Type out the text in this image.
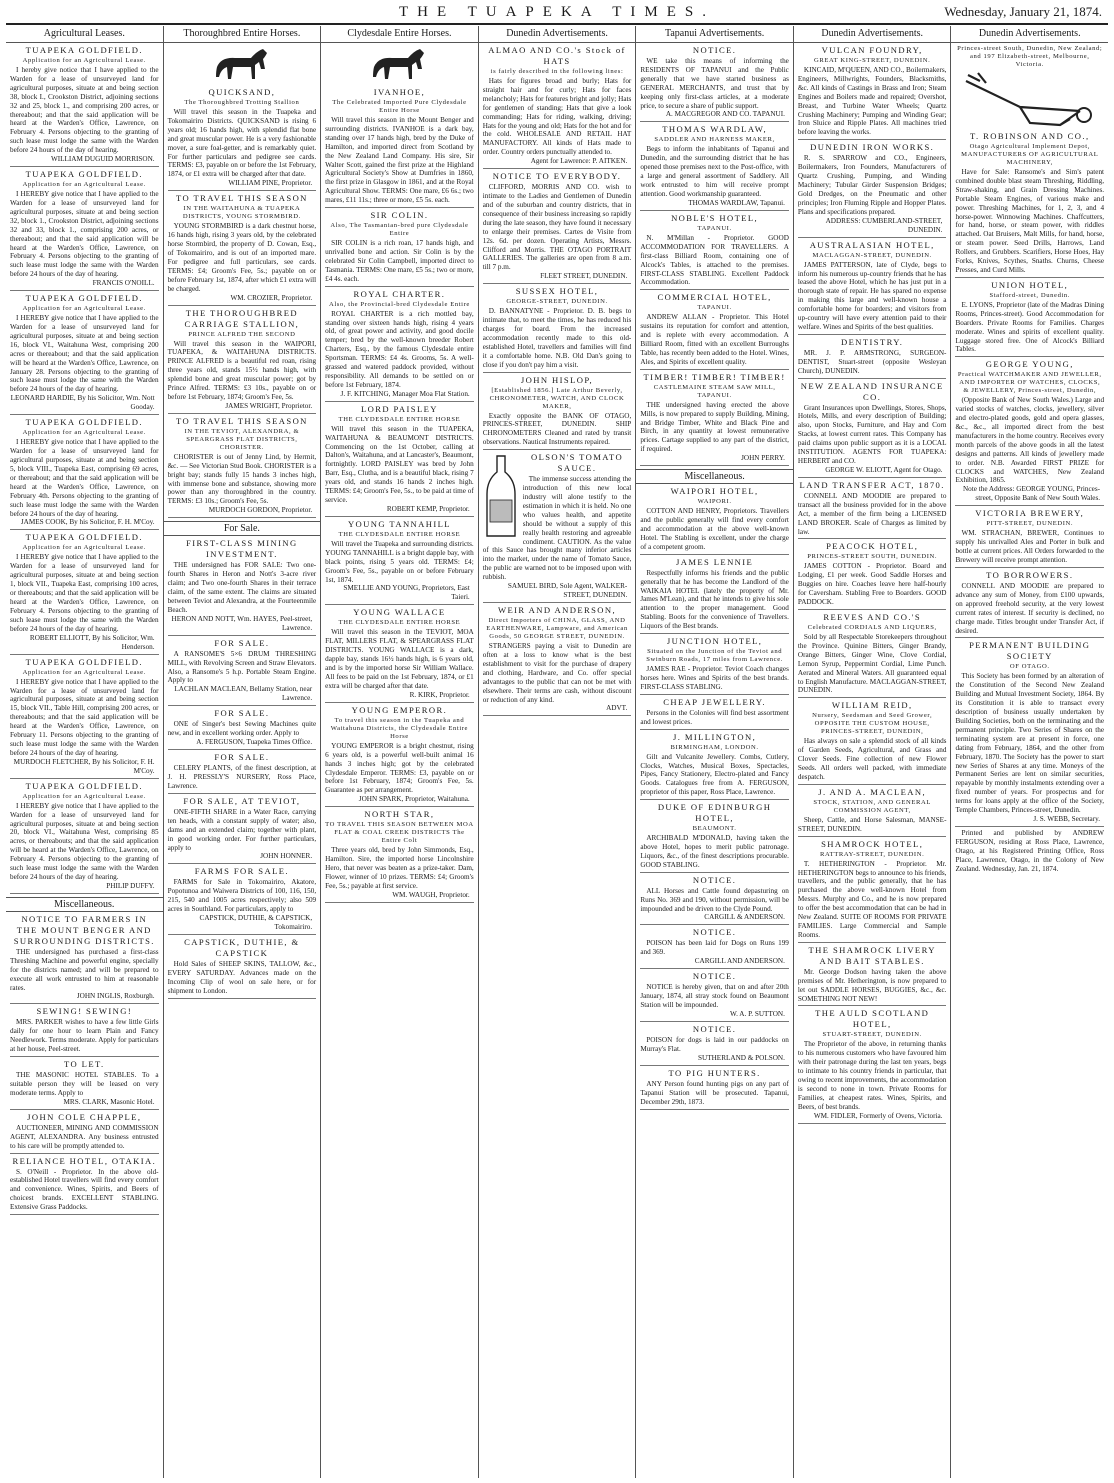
THE TUAPEKA TIMES.	Wednesday, January 21, 1874.
Agricultural Leases.
TUAPEKA GOLDFIELD.
Application for an Agricultural Lease.
I hereby give notice that I have applied to the Warden for a lease of unsurveyed land for agricultural purposes, situate at and being section 38, block I., Crookston District, adjoining sections 32 and 25, block 1., and comprising 200 acres, or thereabout; and that the said application will be heard at the Warden's Office, Lawrence, on February 4. Persons objecting to the granting of such lease must lodge the same with the Warden before 24 hours of the day of hearing.
WILLIAM DUGUID MORRISON.
TUAPEKA GOLDFIELD.
Application for an Agricultural Lease.
I HEREBY give notice that I have applied to the Warden for a lease of unsurveyed land for agricultural purposes, situate at and being section 32, block 1., Crookston District, adjoining sections 32 and 33, block 1., comprising 200 acres, or thereabout; and that the said application will be heard at the Warden's Office, Lawrence, on February 4. Persons objecting to the granting of such lease must lodge the same with the Warden before 24 hours of the day of hearing.
FRANCIS O'NOILL.
TUAPEKA GOLDFIELD.
Application for an Agricultural Lease.
I HEREBY give notice that I have applied to the Warden for a lease of unsurveyed land for agricultural purposes, situate at and being section 16, block VI., Waitahuna West, comprising 200 acres or thereabout; and that the said application will be heard at the Warden's Office, Lawrence, on January 28. Persons objecting to the granting of such lease must lodge the same with the Warden before 24 hours of the day of hearing.
LEONARD HARDIE, By his Solicitor, Wm. Nott Gooday.
TUAPEKA GOLDFIELD.
Application for an Agricultural Lease.
I HEREBY give notice that I have applied to the Warden for a lease of unsurveyed land for agricultural purposes, situate at and being section 5, block VIII., Tuapeka East, comprising 69 acres, or thereabout; and that the said application will be heard at the Warden's Office, Lawrence, on February 4th. Persons objecting to the granting of such lease must lodge the same with the Warden before 24 hours of the day of hearing.
JAMES COOK, By his Solicitor, F. H. M'Coy.
TUAPEKA GOLDFIELD.
Application for an Agricultural Lease.
I HEREBY give notice that I have applied to the Warden for a lease of unsurveyed land for agricultural purposes, situate at and being section 1, block VII., Tuapeka East, comprising 100 acres, or thereabouts; and that the said application will be heard at the Warden's Office, Lawrence, on February 4. Persons objecting to the granting of such lease must lodge the same with the Warden before 24 hours of the day of hearing.
ROBERT ELLIOTT, By his Solicitor, Wm. Henderson.
TUAPEKA GOLDFIELD.
Application for an Agricultural Lease.
I HEREBY give notice that I have applied to the Warden for a lease of unsurveyed land for agricultural purposes, situate at and being section 15, block VII., Table Hill, comprising 200 acres, or thereabouts; and that the said application will be heard at the Warden's Office, Lawrence, on February 11. Persons objecting to the granting of such lease must lodge the same with the Warden before 24 hours of the day of hearing.
MURDOCH FLETCHER, By his Solicitor, F. H. M'Coy.
TUAPEKA GOLDFIELD.
Application for an Agricultural Lease.
I HEREBY give notice that I have applied to the Warden for a lease of unsurveyed land for agricultural purposes, situate at and being section 20, block VI., Waitahuna West, comprising 85 acres, or thereabouts; and that the said application will be heard at the Warden's Office, Lawrence, on February 4. Persons objecting to the granting of such lease must lodge the same with the Warden before 24 hours of the day of hearing.
PHILIP DUFFY.
Miscellaneous.
NOTICE TO FARMERS IN THE MOUNT BENGER AND SURROUNDING DISTRICTS.
THE undersigned has purchased a first-class Threshing Machine and powerful engine, specially for the districts named; and will be prepared to execute all work entrusted to him at reasonable rates.
JOHN INGLIS, Roxburgh.
SEWING! SEWING!
MRS. PARKER wishes to have a few little Girls daily for one hour to learn Plain and Fancy Needlework. Terms moderate. Apply for particulars at her house, Peel-street.
TO LET.
THE MASONIC HOTEL STABLES. To a suitable person they will be leased on very moderate terms. Apply to
MRS. CLARK, Masonic Hotel.
JOHN COLE CHAPPLE,
AUCTIONEER, MINING AND COMMISSION AGENT, ALEXANDRA. Any business entrusted to his care will be promptly attended to.
RELIANCE HOTEL, OTAKIA.
S. O'Neill - Proprietor. In the above old-established Hotel travellers will find every comfort and convenience. Wines, Spirits, and Beers of choicest brands. EXCELLENT STABLING. Extensive Grass Paddocks.
Thoroughbred Entire Horses.
QUICKSAND,
The Thoroughbred Trotting Stallion
Will travel this season in the Tuapeka and Tokomairiro Districts. QUICKSAND is rising 6 years old; 16 hands high, with splendid flat bone and great muscular power. He is a very fashionable mover, a sure foal-getter, and is remarkably quiet. For further particulars and pedigree see cards. TERMS: £3, payable on or before the 1st February, 1874, or £1 extra will be charged after that date.
WILLIAM PINE, Proprietor.
TO TRAVEL THIS SEASON
IN THE WAITAHUNA & TUAPEKA DISTRICTS, YOUNG STORMBIRD.
YOUNG STORMBIRD is a dark chestnut horse, 16 hands high, rising 3 years old, by the celebrated horse Stormbird, the property of D. Cowan, Esq., of Tokomairiro, and is out of an imported mare. For pedigree and full particulars, see cards. TERMS: £4; Groom's Fee, 5s.; payable on or before February 1st, 1874, after which £1 extra will be charged.
WM. CROZIER, Proprietor.
THE THOROUGHBRED CARRIAGE STALLION,
PRINCE ALFRED THE SECOND
Will travel this season in the WAIPORI, TUAPEKA, & WAITAHUNA DISTRICTS. PRINCE ALFRED is a beautiful red roan, rising three years old, stands 15½ hands high, with splendid bone and great muscular power; got by Prince Alfred. TERMS: £3 10s., payable on or before 1st February, 1874; Groom's Fee, 5s.
JAMES WRIGHT, Proprietor.
TO TRAVEL THIS SEASON
IN THE TEVIOT, ALEXANDRA, & SPEARGRASS FLAT DISTRICTS, CHORISTER.
CHORISTER is out of Jenny Lind, by Hermit, &c. — See Victorian Stud Book. CHORISTER is a bright bay; stands fully 15 hands 3 inches high, with immense bone and substance, showing more power than any thoroughbred in the country. TERMS: £3 10s.; Groom's Fee, 5s.
MURDOCH GORDON, Proprietor.
For Sale.
FIRST-CLASS MINING INVESTMENT.
THE undersigned has FOR SALE: Two one-fourth Shares in Heron and Nott's 3-acre river claim; and Two one-fourth Shares in their terrace claim, of the same extent. The claims are situated between Teviot and Alexandra, at the Fourteenmile Beach.
HERON AND NOTT, Wm. HAYES, Peel-street, Lawrence.
FOR SALE.
A RANSOME'S 5×6 DRUM THRESHING MILL, with Revolving Screen and Straw Elevators. Also, a Ransome's 5 h.p. Portable Steam Engine. Apply to
LACHLAN MACLEAN, Bellamy Station, near Lawrence.
FOR SALE.
ONE of Singer's best Sewing Machines quite new, and in excellent working order. Apply to
A. FERGUSON, Tuapeka Times Office.
FOR SALE.
CELERY PLANTS, of the finest description, at J. H. PRESSLY'S NURSERY, Ross Place, Lawrence.
FOR SALE, AT TEVIOT,
ONE-FIFTH SHARE in a Water Race, carrying ten heads, with a constant supply of water; also, dams and an extended claim; together with plant, in good working order. For further particulars, apply to
JOHN HONNER.
FARMS FOR SALE.
FARMS for Sale in Tokomairiro, Akatore, Popotunoa and Waiwera Districts of 100, 116, 150, 215, 540 and 1005 acres respectively; also 509 acres in Southland. For particulars, apply to
CAPSTICK, DUTHIE, & CAPSTICK, Tokomairiro.
CAPSTICK, DUTHIE, & CAPSTICK
Hold Sales of SHEEP SKINS, TALLOW, &c., EVERY SATURDAY. Advances made on the Incoming Clip of wool on sale here, or for shipment to London.
Clydesdale Entire Horses.
IVANHOE,
The Celebrated Imported Pure Clydesdale Entire Horse
Will travel this season in the Mount Benger and surrounding districts. IVANHOE is a dark bay, standing over 17 hands high, bred by the Duke of Hamilton, and imported direct from Scotland by the New Zealand Land Company. His sire, Sir Walter Scott, gained the first prize at the Highland Agricultural Society's Show at Dumfries in 1860, the first prize in Glasgow in 1861, and at the Royal Agricultural Show. TERMS: One mare, £6 6s.; two mares, £11 11s.; three or more, £5 5s. each.
SIR COLIN.
Also, The Tasmanian-bred pure Clydesdale Entire
SIR COLIN is a rich roan, 17 hands high, and unrivalled bone and action. Sir Colin is by the celebrated Sir Colin Campbell, imported direct to Tasmania. TERMS: One mare, £5 5s.; two or more, £4 4s. each.
ROYAL CHARTER.
Also, the Provincial-bred Clydesdale Entire
ROYAL CHARTER is a rich mottled bay, standing over sixteen hands high, rising 4 years old, of great power and activity, and good docile temper; bred by the well-known breeder Robert Charters, Esq., by the famous Clydesdale entire Sportsman. TERMS: £4 4s. Grooms, 5s. A well-grassed and watered paddock provided, without responsibility. All demands to be settled on or before 1st February, 1874.
J. F. KITCHING, Manager Moa Flat Station.
LORD PAISLEY
THE CLYDESDALE ENTIRE HORSE
Will travel this season in the TUAPEKA, WAITAHUNA & BEAUMONT DISTRICTS. Commencing on the 1st October, calling at Dalton's, Waitahuna, and at Lancaster's, Beaumont, fortnightly. LORD PAISLEY was bred by John Barr, Esq., Clutha, and is a beautiful black, rising 7 years old, and stands 16 hands 2 inches high. TERMS: £4; Groom's Fee, 5s., to be paid at time of service.
ROBERT KEMP, Proprietor.
YOUNG TANNAHILL
THE CLYDESDALE ENTIRE HORSE
Will travel the Tuapeka and surrounding districts. YOUNG TANNAHILL is a bright dapple bay, with black points, rising 5 years old. TERMS: £4; Groom's Fee, 5s., payable on or before February 1st, 1874.
SMELLIE AND YOUNG, Proprietors, East Taieri.
YOUNG WALLACE
THE CLYDESDALE ENTIRE HORSE
Will travel this season in the TEVIOT, MOA FLAT, MILLERS FLAT, & SPEARGRASS FLAT DISTRICTS. YOUNG WALLACE is a dark, dapple bay, stands 16½ hands high, is 6 years old, and is by the imported horse Sir William Wallace. All fees to be paid on the 1st February, 1874, or £1 extra will be charged after that date.
R. KIRK, Proprietor.
YOUNG EMPEROR.
To travel this season in the Tuapeka and Waitahuna Districts, the Clydesdale Entire Horse
YOUNG EMPEROR is a bright chestnut, rising 6 years old, is a powerful well-built animal 16 hands 3 inches high; got by the celebrated Clydesdale Emperor. TERMS: £3, payable on or before 1st February, 1874; Groom's Fee, 5s. Guarantee as per arrangement.
JOHN SPARK, Proprietor, Waitahuna.
NORTH STAR,
TO TRAVEL THIS SEASON BETWEEN MOA FLAT & COAL CREEK DISTRICTS The Entire Colt
Three years old, bred by John Simmonds, Esq., Hamilton. Sire, the imported horse Lincolnshire Hero, that never was beaten as a prize-taker. Dam, Flower, winner of 10 prizes. TERMS: £4; Groom's Fee, 5s.; payable at first service.
WM. WAUGH, Proprietor.
Dunedin Advertisements.
ALMAO AND CO.'s Stock of HATS
is fairly described in the following lines:
Hats for figures broad and burly; Hats for straight hair and for curly; Hats for faces melancholy; Hats for features bright and jolly; Hats for gentlemen of standing; Hats that give a look commanding; Hats for riding, walking, driving; Hats for the young and old; Hats for the hot and for the cold. WHOLESALE AND RETAIL HAT MANUFACTORY. All kinds of Hats made to order. Country orders punctually attended to.
Agent for Lawrence: P. AITKEN.
NOTICE TO EVERYBODY.
CLIFFORD, MORRIS AND CO. wish to intimate to the Ladies and Gentlemen of Dunedin and of the suburban and country districts, that in consequence of their business increasing so rapidly during the late season, they have found it necessary to enlarge their premises. Cartes de Visite from 12s. 6d. per dozen. Operating Artists, Messrs. Clifford and Morris. THE OTAGO PORTRAIT GALLERIES. The galleries are open from 8 a.m. till 7 p.m.
FLEET STREET, DUNEDIN.
SUSSEX HOTEL,
GEORGE-STREET, DUNEDIN.
D. BANNATYNE - Proprietor. D. B. begs to intimate that, to meet the times, he has reduced his charges for board. From the increased accommodation recently made to this old-established Hotel, travellers and families will find it a comfortable home. N.B. Old Dan's going to close if you don't pay him a visit.
JOHN HISLOP,
[Established 1856.] Late Arthur Beverly, CHRONOMETER, WATCH, AND CLOCK MAKER,
Exactly opposite the BANK OF OTAGO, PRINCES-STREET, DUNEDIN. SHIP CHRONOMETERS Cleaned and rated by transit observations. Nautical Instruments repaired.
OLSON'S TOMATO SAUCE.
The immense success attending the introduction of this new local industry will alone testify to the estimation in which it is held. No one who values health, and appetite should be without a supply of this really health restoring and agreeable condiment. CAUTION. As the value of this Sauce has brought many inferior articles into the market, under the name of Tomato Sauce, the public are warned not to be imposed upon with rubbish.
SAMUEL BIRD, Sole Agent, WALKER-STREET, DUNEDIN.
WEIR AND ANDERSON,
Direct Importers of CHINA, GLASS, AND EARTHENWARE, Lampware, and American Goods, 50 GEORGE STREET, DUNEDIN.
STRANGERS paying a visit to Dunedin are often at a loss to know what is the best establishment to visit for the purchase of drapery and clothing, Hardware, and Co. offer special advantages to the public that can not be met with elsewhere. Their terms are cash, without discount or reduction of any kind.
ADVT.
Tapanui Advertisements.
NOTICE.
WE take this means of informing the RESIDENTS OF TAPANUI and the Public generally that we have started business as GENERAL MERCHANTS, and trust that by keeping only first-class articles, at a moderate price, to secure a share of public support.
A. MACGREGOR AND CO. TAPANUI.
THOMAS WARDLAW,
SADDLER AND HARNESS MAKER,
Begs to inform the inhabitants of Tapanui and Dunedin, and the surrounding district that he has opened those premises next to the Post-office, with a large and general assortment of Saddlery. All work entrusted to him will receive prompt attention. Good workmanship guaranteed.
THOMAS WARDLAW, Tapanui.
NOBLE'S HOTEL,
TAPANUI.
N. M'Millan - Proprietor. GOOD ACCOMMODATION FOR TRAVELLERS. A first-class Billiard Room, containing one of Alcock's Tables, is attached to the premises. FIRST-CLASS STABLING. Excellent Paddock Accommodation.
COMMERCIAL HOTEL,
TAPANUI.
ANDREW ALLAN - Proprietor. This Hotel sustains its reputation for comfort and attention, and is replete with every accommodation. A Billiard Room, fitted with an excellent Burroughs Table, has recently been added to the Hotel. Wines, Ales, and Spirits of excellent quality.
TIMBER! TIMBER! TIMBER!
CASTLEMAINE STEAM SAW MILL, TAPANUI.
THE undersigned having erected the above Mills, is now prepared to supply Building, Mining, and Bridge Timber, White and Black Pine and Birch, in any quantity at lowest remunerative prices. Cartage supplied to any part of the district, if required.
JOHN PERRY.
Miscellaneous.
WAIPORI HOTEL,
WAIPORI.
COTTON AND HENRY, Proprietors. Travellers and the public generally will find every comfort and accommodation at the above well-known Hotel. The Stabling is excellent, under the charge of a competent groom.
JAMES LENNIE
Respectfully informs his friends and the public generally that he has become the Landlord of the WAIKAIA HOTEL (lately the property of Mr. James M'Lean), and that he intends to give his sole attention to the proper management. Good Stabling. Boots for the convenience of Travellers. Liquors of the Best brands.
JUNCTION HOTEL,
Situated on the Junction of the Teviot and Swinburn Roads, 17 miles from Lawrence.
JAMES RAE - Proprietor. Teviot Coach changes horses here. Wines and Spirits of the best brands. FIRST-CLASS STABLING.
CHEAP JEWELLERY.
Persons in the Colonies will find best assortment and lowest prices.
J. MILLINGTON,
BIRMINGHAM, LONDON.
Gilt and Vulcanite Jewellery. Combs, Cutlery, Clocks, Watches, Musical Boxes, Spectacles, Pipes, Fancy Stationery, Electro-plated and Fancy Goods. Catalogues free from A. FERGUSON, proprietor of this paper, Ross Place, Lawrence.
DUKE OF EDINBURGH HOTEL,
BEAUMONT.
ARCHIBALD M'DONALD, having taken the above Hotel, hopes to merit public patronage. Liquors, &c., of the finest descriptions procurable. GOOD STABLING.
NOTICE.
ALL Horses and Cattle found depasturing on Runs No. 369 and 190, without permission, will be impounded and be driven to the Clyde Pound.
CARGILL & ANDERSON.
NOTICE.
POISON has been laid for Dogs on Runs 199 and 369.
CARGILL AND ANDERSON.
NOTICE.
NOTICE is hereby given, that on and after 20th January, 1874, all stray stock found on Beaumont Station will be impounded.
W. A. P. SUTTON.
NOTICE.
POISON for dogs is laid in our paddocks on Murray's Flat.
SUTHERLAND & POLSON.
TO PIG HUNTERS.
ANY Person found hunting pigs on any part of Tapanui Station will be prosecuted. Tapanui, December 29th, 1873.
Dunedin Advertisements.
VULCAN FOUNDRY,
GREAT KING-STREET, DUNEDIN.
KINCAID, M'QUEEN, AND CO., Boilermakers, Engineers, Millwrights, Founders, Blacksmiths, &c. All kinds of Castings in Brass and Iron; Steam Engines and Boilers made and repaired; Overshot, Breast, and Turbine Water Wheels; Quartz Crushing Machinery; Pumping and Winding Gear; Iron Sluice and Ripple Plates. All machines tried before leaving the works.
DUNEDIN IRON WORKS.
R. S. SPARROW and CO., Engineers, Boilermakers, Iron Founders, Manufacturers of Quartz Crushing, Pumping, and Winding Machinery; Tubular Girder Suspension Bridges; Gold Dredges, on the Pneumatic and other principles; Iron Fluming Ripple and Hopper Plates. Plans and specifications prepared.
ADDRESS: CUMBERLAND-STREET, DUNEDIN.
AUSTRALASIAN HOTEL,
MACLAGGAN-STREET, DUNEDIN.
JAMES PATTERSON, late of Clyde, begs to inform his numerous up-country friends that he has leased the above Hotel, which he has just put in a thorough state of repair. He has spared no expense in making this large and well-known house a comfortable home for boarders; and visitors from up-country will have every attention paid to their welfare. Wines and Spirits of the best qualities.
DENTISTRY.
MR. J. P. ARMSTRONG, SURGEON-DENTIST, Stuart-street (opposite Wesleyan Church), DUNEDIN.
NEW ZEALAND INSURANCE CO.
Grant Insurances upon Dwellings, Stores, Shops, Hotels, Mills, and every description of Building; also, upon Stocks, Furniture, and Hay and Corn Stacks, at lowest current rates. This Company has paid claims upon public support as it is a LOCAL INSTITUTION. AGENTS FOR TUAPEKA: HERBERT and CO.
GEORGE W. ELIOTT, Agent for Otago.
LAND TRANSFER ACT, 1870.
CONNELL AND MOODIE are prepared to transact all the business provided for in the above Act, a member of the firm being a LICENSED LAND BROKER. Scale of Charges as limited by law.
PEACOCK HOTEL,
PRINCES-STREET SOUTH, DUNEDIN.
JAMES COTTON - Proprietor. Board and Lodging, £1 per week. Good Saddle Horses and Buggies on hire. Coaches leave here half-hourly for Caversham. Stabling Free to Boarders. GOOD PADDOCK.
REEVES AND CO.'S
Celebrated CORDIALS AND LIQUERS,
Sold by all Respectable Storekeepers throughout the Province. Quinine Bitters, Ginger Brandy, Orange Bitters, Ginger Wine, Clove Cordial, Lemon Syrup, Peppermint Cordial, Lime Punch. Aerated and Mineral Waters. All guaranteed equal to English Manufacture. MACLAGGAN-STREET, DUNEDIN.
WILLIAM REID,
Nursery, Seedsman and Seed Grower, OPPOSITE THE CUSTOM HOUSE, PRINCES-STREET, DUNEDIN,
Has always on sale a splendid stock of all kinds of Garden Seeds, Agricultural, and Grass and Clover Seeds. Fine collection of new Flower Seeds. All orders well packed, with immediate despatch.
J. AND A. MACLEAN,
STOCK, STATION, AND GENERAL COMMISSION AGENT,
Sheep, Cattle, and Horse Salesman, MANSE-STREET, DUNEDIN.
SHAMROCK HOTEL,
RATTRAY-STREET, DUNEDIN.
T. HETHERINGTON - Proprietor. Mr. HETHERINGTON begs to announce to his friends, travellers, and the public generally, that he has purchased the above well-known Hotel from Messrs. Murphy and Co., and he is now prepared to offer the best accommodation that can be had in New Zealand. SUITE OF ROOMS FOR PRIVATE FAMILIES. Large Commercial and Sample Rooms.
THE SHAMROCK LIVERY AND BAIT STABLES.
Mr. George Dodson having taken the above premises of Mr. Hetherington, is now prepared to let out SADDLE HORSES, BUGGIES, &c., &c. SOMETHING NOT NEW!
THE AULD SCOTLAND HOTEL,
STUART-STREET, DUNEDIN.
The Proprietor of the above, in returning thanks to his numerous customers who have favoured him with their patronage during the last ten years, begs to intimate to his country friends in particular, that owing to recent improvements, the accommodation is second to none in town. Private Rooms for Families, at cheapest rates. Wines, Spirits, and Beers, of best brands.
WM. FIDLER, Formerly of Ovens, Victoria.
Dunedin Advertisements.
Princes-street South, Dunedin, New Zealand; and 197 Elizabeth-street, Melbourne, Victoria.
T. ROBINSON AND CO.,
Otago Agricultural Implement Depot, MANUFACTURERS OF AGRICULTURAL MACHINERY,
Have for Sale: Ransome's and Sim's patent combined double blast steam Threshing, Riddling, Straw-shaking, and Grain Dressing Machines. Portable Steam Engines, of various make and power. Threshing Machines, for 1, 2, 3, and 4 horse-power. Winnowing Machines. Chaffcutters, for hand, horse, or steam power, with riddles attached. Oat Bruisers, Malt Mills, for hand, horse, or steam power. Seed Drills, Harrows, Land Rollers, and Grubbers. Scarifiers, Horse Hoes, Hay Forks, Knives, Scythes, Snaths. Churns, Cheese Presses, and Curd Mills.
UNION HOTEL,
Stafford-street, Dunedin.
E. LYONS, Proprietor (late of the Madras Dining Rooms, Princes-street). Good Accommodation for Boarders. Private Rooms for Families. Charges moderate. Wines and spirits of excellent quality. Luggage stored free. One of Alcock's Billiard Tables.
GEORGE YOUNG,
Practical WATCHMAKER AND JEWELLER, AND IMPORTER OF WATCHES, CLOCKS, & JEWELLERY, Princes-street, Dunedin,
(Opposite Bank of New South Wales.) Large and varied stocks of watches, clocks, jewellery, silver and electro-plated goods, gold and opera glasses, &c., &c., all imported direct from the best manufacturers in the home country. Receives every month parcels of the above goods in all the latest designs and patterns. All kinds of jewellery made to order. N.B. Awarded FIRST PRIZE for CLOCKS and WATCHES, New Zealand Exhibition, 1865.
Note the Address: GEORGE YOUNG, Princes-street, Opposite Bank of New South Wales.
VICTORIA BREWERY,
PITT-STREET, DUNEDIN.
WM. STRACHAN, BREWER, Continues to supply his unrivalled Ales and Porter in bulk and bottle at current prices. All Orders forwarded to the Brewery will receive prompt attention.
TO BORROWERS.
CONNELL AND MOODIE are prepared to advance any sum of Money, from £100 upwards, on approved freehold security, at the very lowest current rates of interest. If security is declined, no charge made. Titles brought under Transfer Act, if desired.
PERMANENT BUILDING SOCIETY
OF OTAGO.
This Society has been formed by an alteration of the Constitution of the Second New Zealand Building and Mutual Investment Society, 1864. By its Constitution it is able to transact every description of business usually undertaken by Building Societies, both on the terminating and the permanent principle. Two Series of Shares on the terminating system are at present in force, one dating from February, 1864, and the other from February, 1870. The Society has the power to start new Series of Shares at any time. Moneys of the Permanent Series are lent on similar securities, repayable by monthly instalments extending over a fixed number of years. For prospectus and for terms for loans apply at the office of the Society, Temple Chambers, Princes-street, Dunedin.
J. S. WEBB, Secretary.
Printed and published by ANDREW FERGUSON, residing at Ross Place, Lawrence, Otago, at his Registered Printing Office, Ross Place, Lawrence, Otago, in the Colony of New Zealand. Wednesday, Jan. 21, 1874.
